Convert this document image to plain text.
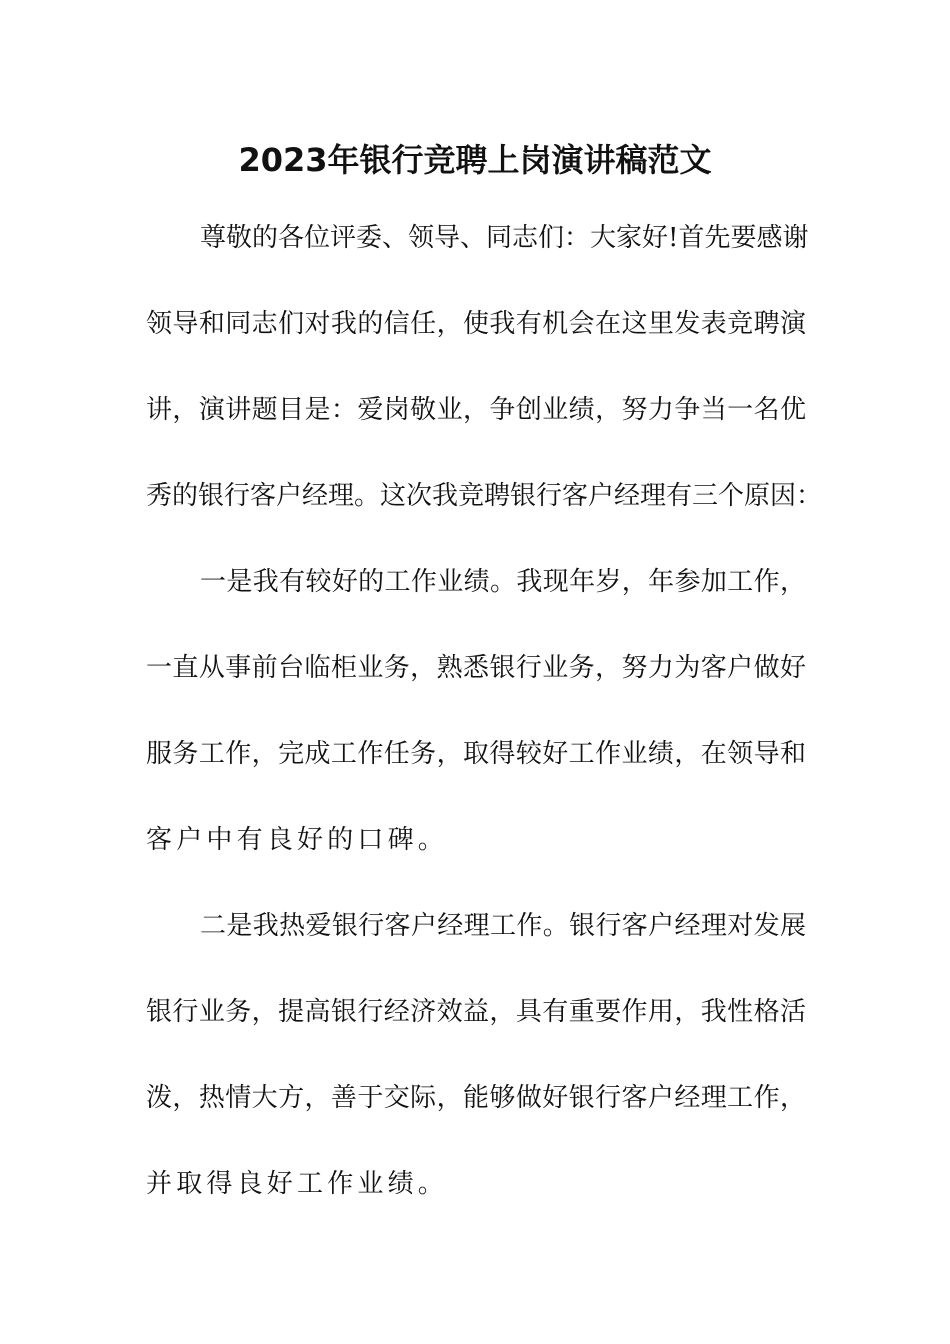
2023年银行竞聘上岗演讲稿范文
尊敬的各位评委、领导、同志们：大家好!首先要感谢
领导和同志们对我的信任，使我有机会在这里发表竞聘演
讲，演讲题目是：爱岗敬业，争创业绩，努力争当一名优
秀的银行客户经理。这次我竞聘银行客户经理有三个原因：
一是我有较好的工作业绩。我现年岁，年参加工作，
一直从事前台临柜业务，熟悉银行业务，努力为客户做好
服务工作，完成工作任务，取得较好工作业绩，在领导和
客户中有良好的口碑。
二是我热爱银行客户经理工作。银行客户经理对发展
银行业务，提高银行经济效益，具有重要作用，我性格活
泼，热情大方，善于交际，能够做好银行客户经理工作，
并取得良好工作业绩。
